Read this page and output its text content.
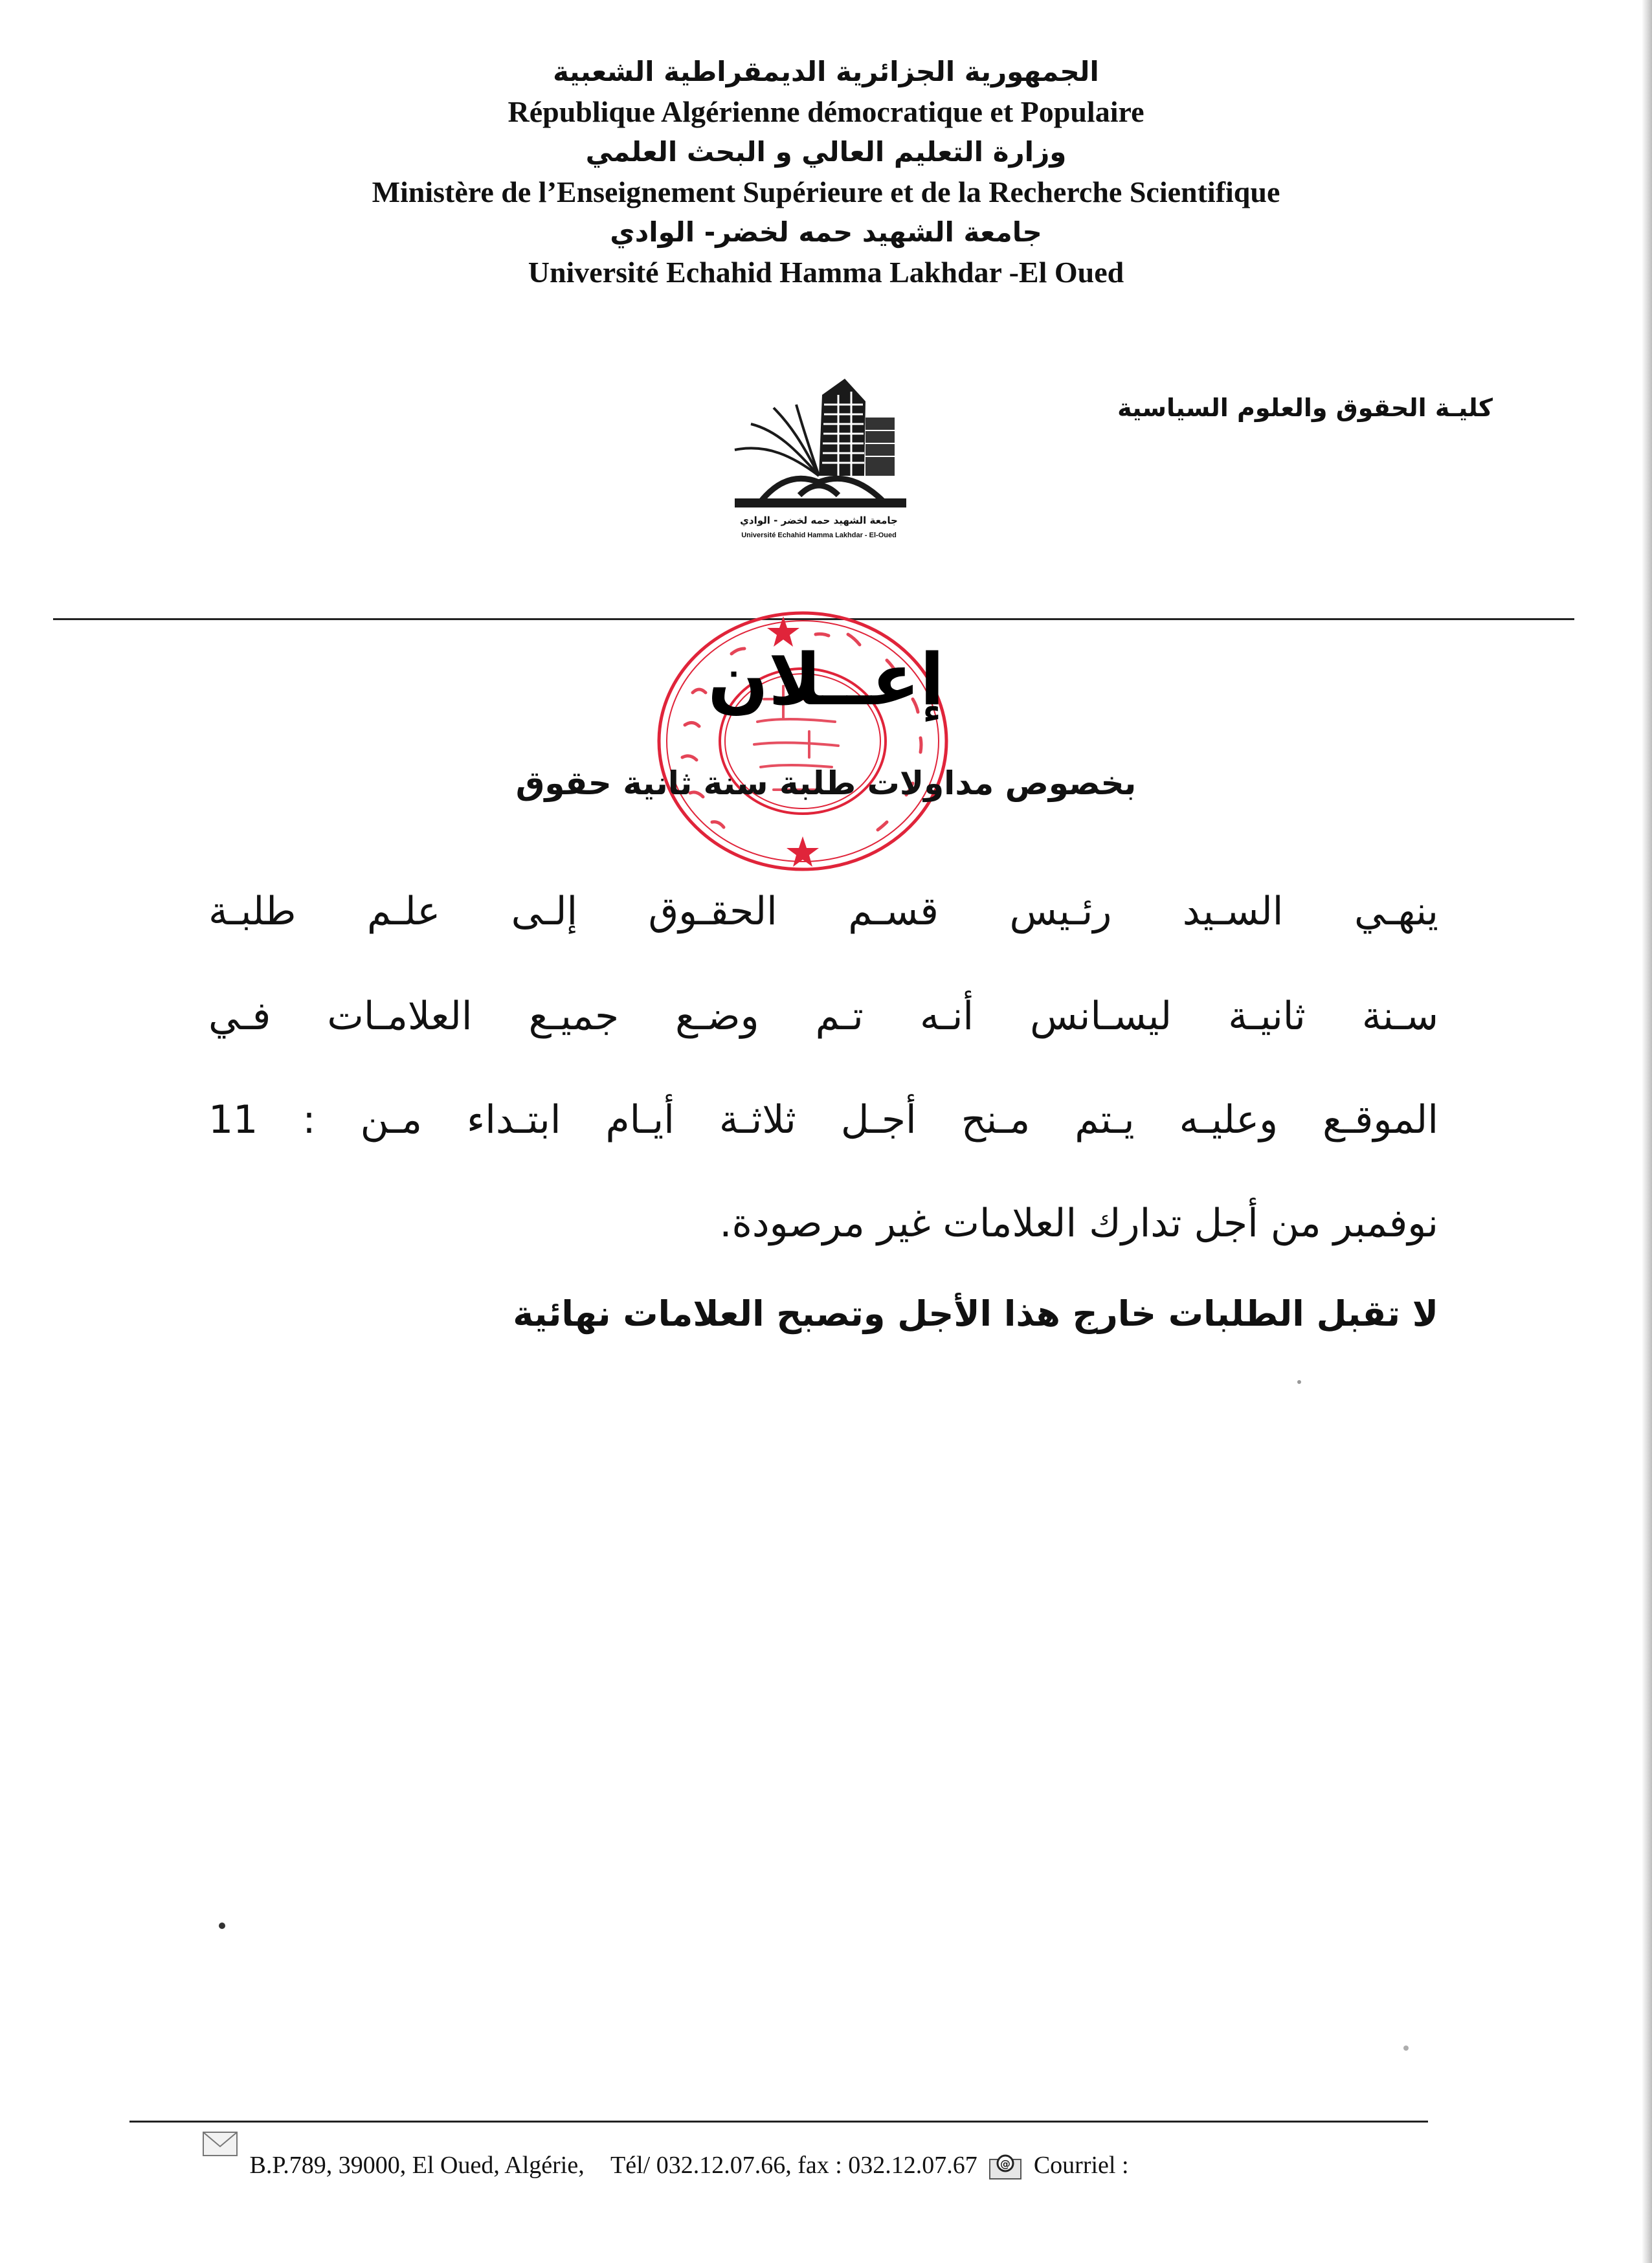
الجمهورية الجزائرية الديمقراطية الشعبية
République Algérienne démocratique et Populaire
وزارة التعليم العالي و البحث العلمي
Ministère de l’Enseignement Supérieure et de la Recherche Scientifique
جامعة الشهيد حمه لخضر- الوادي
Université Echahid Hamma Lakhdar -El Oued
كليـة الحقوق والعلوم السياسية
جامعة الشهيد حمه لخضر - الوادي
Université Echahid Hamma Lakhdar - El-Oued
إعــلان
بخصوص مداولات طلبة سنة ثانية حقوق
ينهـي السـيد رئـيس قسـم الحقـوق إلـى علـم طلبـة
سـنة ثانيـة ليسـانس أنـه تـم وضـع جميـع العلامـات فـي
الموقـع وعليـه يـتم مـنح أجـل ثلاثـة أيـام ابتـداء مـن : 11
نوفمبر من أجل تدارك العلامات غير مرصودة.
لا تقبل الطلبات خارج هذا الأجل وتصبح العلامات نهائية
B.P.789, 39000, El Oued, Algérie, Tél/ 032.12.07.66, fax : 032.12.07.67 @ Courriel :
